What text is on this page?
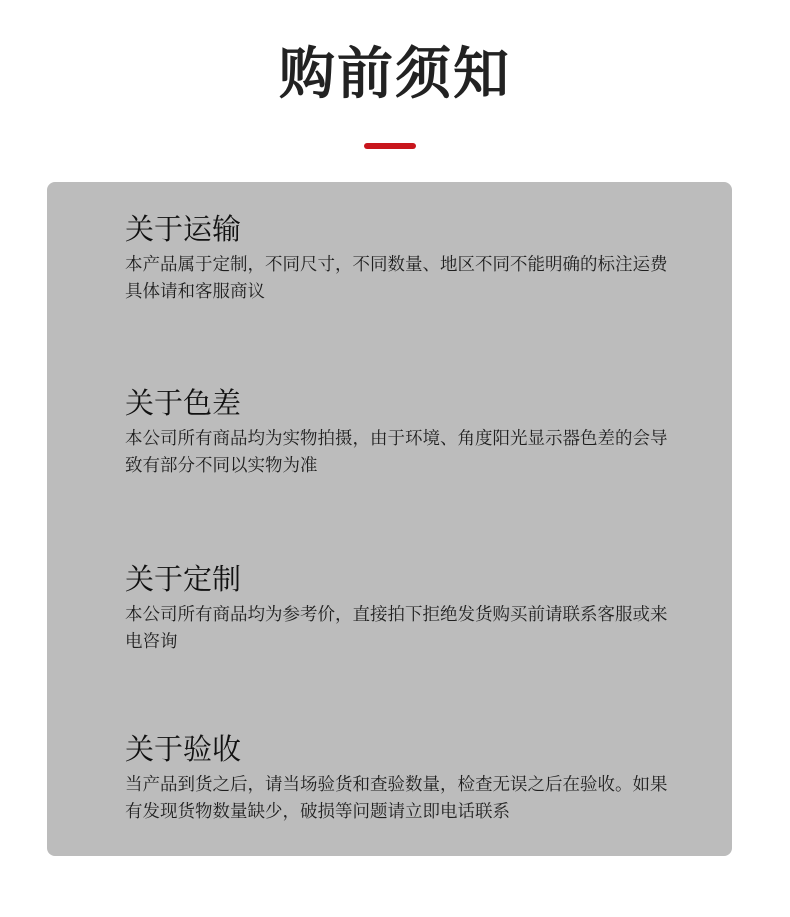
购前须知
关于运输

本产品属于定制，不同尺寸，不同数量、地区不同不能明确的标注运费具体请和客服商议

关于色差

本公司所有商品均为实物拍摄，由于环境、角度阳光显示器色差的会导致有部分不同以实物为准

关于定制

本公司所有商品均为参考价，直接拍下拒绝发货购买前请联系客服或来电咨询

关于验收

当产品到货之后，请当场验货和查验数量，检查无误之后在验收。如果有发现货物数量缺少，破损等问题请立即电话联系
